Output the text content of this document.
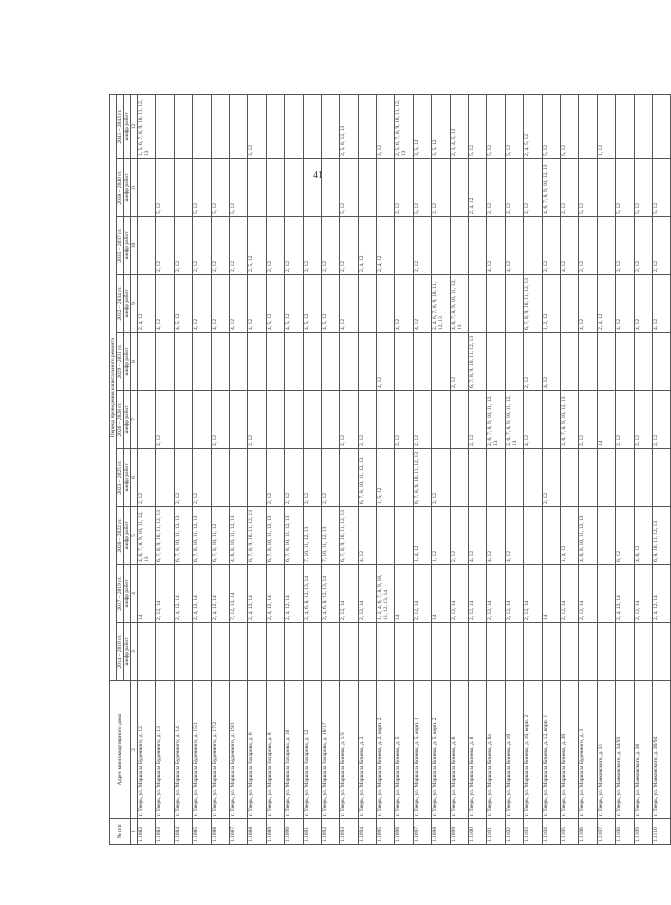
41
№ п/п	Адрес многоквартирного дома	Период проведения капитального ремонта									
		2014 – 2016 гг.	2017 – 2019 гг.	2020 – 2022 гг.	2023 – 2025 гг.	2026 – 2028 гг.	2029 – 2031 гг.	2032 – 2034 гг.	2035 – 2037 гг.	2038 – 2040 гг.	2041 – 2043 гг.
		шифр работ	шифр работ	шифр работ	шифр работ	шифр работ	шифр работ	шифр работ	шифр работ	шифр работ	шифр работ
1	2	3	4	5	6	7	8	9	10	11	12
1.1082	г. Тверь, ул. Маршала Буденного, д. 12		14	4, 6, 7, 8, 9, 10, 11, 12, 13	2, 12			2, 4, 12			1, 5, 6, 7, 8, 9, 10, 11, 12, 13
1.1083	г. Тверь, ул. Маршала Буденного, д. 13		2, 12, 14	6, 7, 8, 9, 10, 11, 12, 13		2, 12		4, 12	2, 12	5, 12	
1.1084	г. Тверь, ул. Маршала Буденного, д. 14		2, 4, 12, 14	6, 7, 8, 10, 11, 12, 13	2, 12			4, 5, 12	2, 12		
1.1085	г. Тверь, ул. Маршала Буденного, д. 15/1		2, 4, 12, 14	6, 7, 8, 10, 11, 12, 13	2, 12			4, 12	2, 12	5, 12	
1.1086	г. Тверь, ул. Маршала Буденного, д. 17/2		2, 4, 12, 14	6, 7, 8, 10, 11, 12		2, 12		4, 12	2, 12	5, 12	
1.1087	г. Тверь, ул. Маршала Буденного, д. 19/1		7, 12, 13, 14	4, 6, 8, 10, 11, 12, 13				4, 12	2, 12	5, 12	
1.1088	г. Тверь, ул. Маршала Захарова, д. 6		2, 4, 12, 14	6, 7, 8, 9, 10, 11, 12, 13		2, 12		4, 12	2, 5, 12		3, 12
1.1089	г. Тверь, ул. Маршала Захарова, д. 8		2, 4, 12, 14	6, 7, 8, 10, 11, 12, 13	2, 12			4, 5, 12	2, 12		
1.1090	г. Тверь, ул. Маршала Захарова, д. 10		2, 4, 12, 14	6, 7, 8, 10, 11, 12, 13	2, 12			4, 5, 12	2, 12		
1.1091	г. Тверь, ул. Маршала Захарова, д. 12		2, 4, 6, 8, 12, 13, 14	7, 10, 11, 12, 13	2, 12			4, 5, 12	2, 12		
1.1092	г. Тверь, ул. Маршала Захарова, д. 16/17		2, 4, 6, 8, 12, 13, 14	7, 10, 11, 12, 13	2, 12			4, 5, 12	2, 12		
1.1093	г. Тверь, ул. Маршала Конева, д. 1/3		2, 12, 14	6, 7, 8, 9, 10, 11, 12, 13		2, 12		4, 12	2, 12	5, 12	3, 5, 8, 12, 13
1.1094	г. Тверь, ул. Маршала Конева, д. 2		2, 12, 14	4, 12	6, 7, 8, 10, 11, 12, 13	2, 12			2, 4, 12		
1.1095	г. Тверь, ул. Маршала Конева, д. 2, корп. 2		1, 2, 4, 6, 7, 8, 9, 10, 11, 12, 13, 14		1, 5, 12		4, 12		2, 4, 12		3, 12
1.1096	г. Тверь, ул. Маршала Конева, д. 5		14			2, 12		4, 12		2, 12	2, 5, 6, 7, 8, 9, 10, 11, 12, 13
1.1097	г. Тверь, ул. Маршала Конева, д. 5, корп. 1		2, 12, 14	1, 4, 12	6, 7, 8, 9, 10, 11, 12, 13	2, 12		4, 12	2, 12	5, 12	3, 5, 12
1.1098	г. Тверь, ул. Маршала Конева, д. 5, корп. 2		14	1, 12	2, 12			2, 4, 6, 7, 8, 9, 10, 11, 12, 13		2, 12	3, 5, 12
1.1099	г. Тверь, ул. Маршала Конева, д. 6		2, 12, 14	2, 12			2, 12	4, 6, 7, 8, 9, 10, 11, 12, 13			2, 3, 4, 5, 12
1.1100	г. Тверь, ул. Маршала Конева, д. 8		2, 12, 14	4, 12		2, 12	6, 7, 8, 9, 10, 11, 12, 13			2, 4, 12	5, 12
1.1101	г. Тверь, ул. Маршала Конева, д. 8а		2, 12, 14	4, 12		2, 6, 7, 8, 9, 10, 11, 12, 13			4, 12	2, 12	5, 12
1.1102	г. Тверь, ул. Маршала Конева, д. 10		2, 12, 14	4, 12		2, 6, 7, 8, 9, 10, 11, 12, 13			4, 12	2, 12	5, 12
1.1103	г. Тверь, ул. Маршала Конева, д. 10, корп. 2		2, 12, 14			4, 12	2, 12	6, 7, 8, 9, 10, 11, 12, 13		2, 12	2, 4, 5, 12
1.1104	г. Тверь, ул. Маршала Конева, д. 12, корп. 1		14		2, 12		4, 12	1, 2, 12	2, 12	4, 6, 7, 8, 9, 10, 12, 13	5, 12
1.1105	г. Тверь, ул. Маршала Конева, д. 20		2, 12, 14	1, 4, 12		2, 6, 7, 8, 9, 10, 12, 13			4, 12	2, 12	5, 12
1.1106	г. Тверь, ул. Маршала Буденного, д. 3		2, 12, 14	4, 6, 8, 10, 11, 12, 13		2, 12		4, 12	2, 12	5, 12	
1.1107	г. Тверь, ул. Маяковского, д. 31					14		2, 4, 12			1, 12
1.1108	г. Тверь, ул. Маяковского, д. 34/93		2, 4, 12, 14	6, 12		2, 12		4, 12	2, 12	5, 12	
1.1109	г. Тверь, ул. Маяковского, д. 36		2, 12, 14	4, 6, 12		2, 12		4, 12	2, 12	5, 12	
1.1110	г. Тверь, ул. Маяковского, д. 36/94		2, 4, 12, 14	6, 8, 10, 11, 12, 13		2, 12		4, 12	2, 12	5, 12	
